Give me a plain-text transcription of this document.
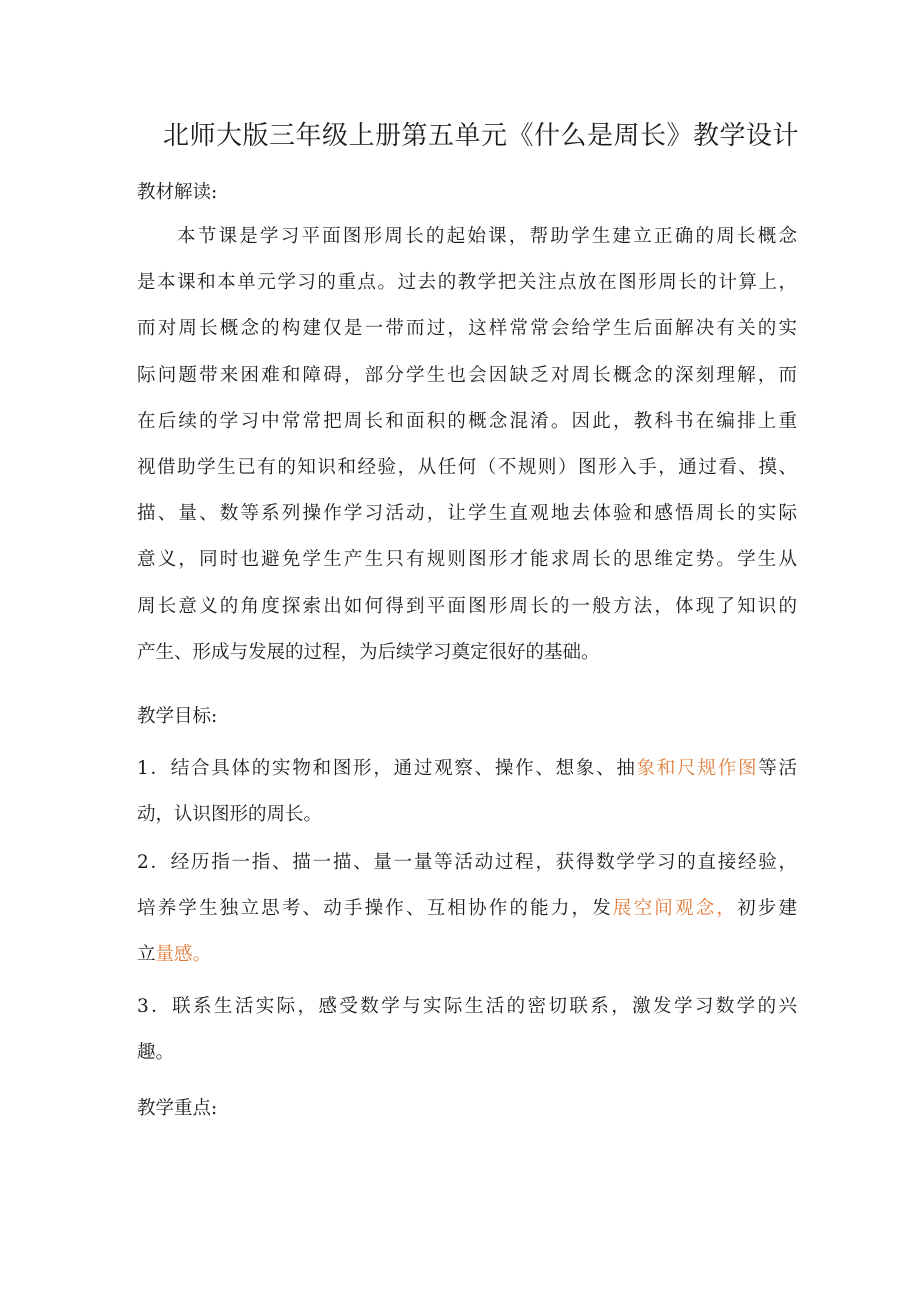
北师大版三年级上册第五单元《什么是周长》教学设计
教材解读:
本节课是学习平面图形周长的起始课，帮助学生建立正确的周长概念
是本课和本单元学习的重点。过去的教学把关注点放在图形周长的计算上，
而对周长概念的构建仅是一带而过，这样常常会给学生后面解决有关的实
际问题带来困难和障碍，部分学生也会因缺乏对周长概念的深刻理解，而
在后续的学习中常常把周长和面积的概念混淆。因此，教科书在编排上重
视借助学生已有的知识和经验，从任何（不规则）图形入手，通过看、摸、
描、量、数等系列操作学习活动，让学生直观地去体验和感悟周长的实际
意义，同时也避免学生产生只有规则图形才能求周长的思维定势。学生从
周长意义的角度探索出如何得到平面图形周长的一般方法，体现了知识的
产生、形成与发展的过程，为后续学习奠定很好的基础。
教学目标:
1．结合具体的实物和图形，通过观察、操作、想象、抽象和尺规作图等活
动，认识图形的周长。
2．经历指一指、描一描、量一量等活动过程，获得数学学习的直接经验，
培养学生独立思考、动手操作、互相协作的能力，发展空间观念，初步建
立量感。
3．联系生活实际，感受数学与实际生活的密切联系，激发学习数学的兴
趣。
教学重点:
